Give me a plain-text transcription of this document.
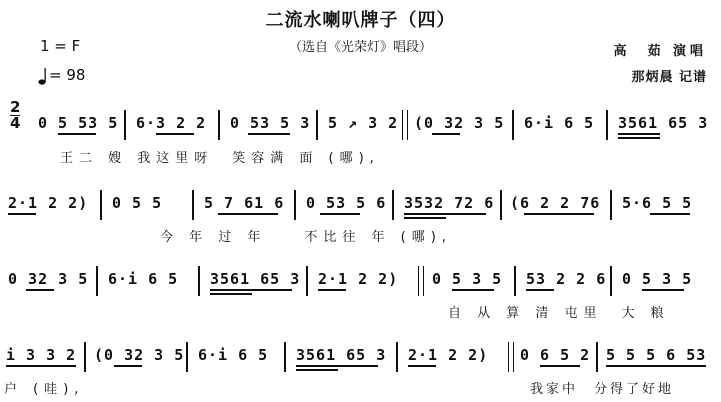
二流水喇叭牌子（四）
（选自《光荣灯》唱段）
1 = F
= 98
高　茹 演唱
那炳晨 记谱
2
4 0 5 53 5 6·3 2 2 0 53 5 3 5 ↗ 3 2 (0 32 3 5 6·i 6 5 3561 65 3
王二 嫂 我这里呀　笑容满 面 (哪),
2·1 2 2) 0 5 5	5 7 61 6 0 53 5 6 3532 72 6 (6 2 2 76 5·6 5 5
今 年 过 年　　不比往 年 (哪),
0 32 3 5 6·i 6 5 3561 65 3 2·1 2 2) 0 5 3 5 53 2 2 6 0 5 3 5
自 从 算 清 屯里　大 粮
i 3 3 2 (0 32 3 5 6·i 6 5 3561 65 3 2·1 2 2) 0 6 5 2 5 5 5 6 53
户 (哇),	我家中　分得了好地
